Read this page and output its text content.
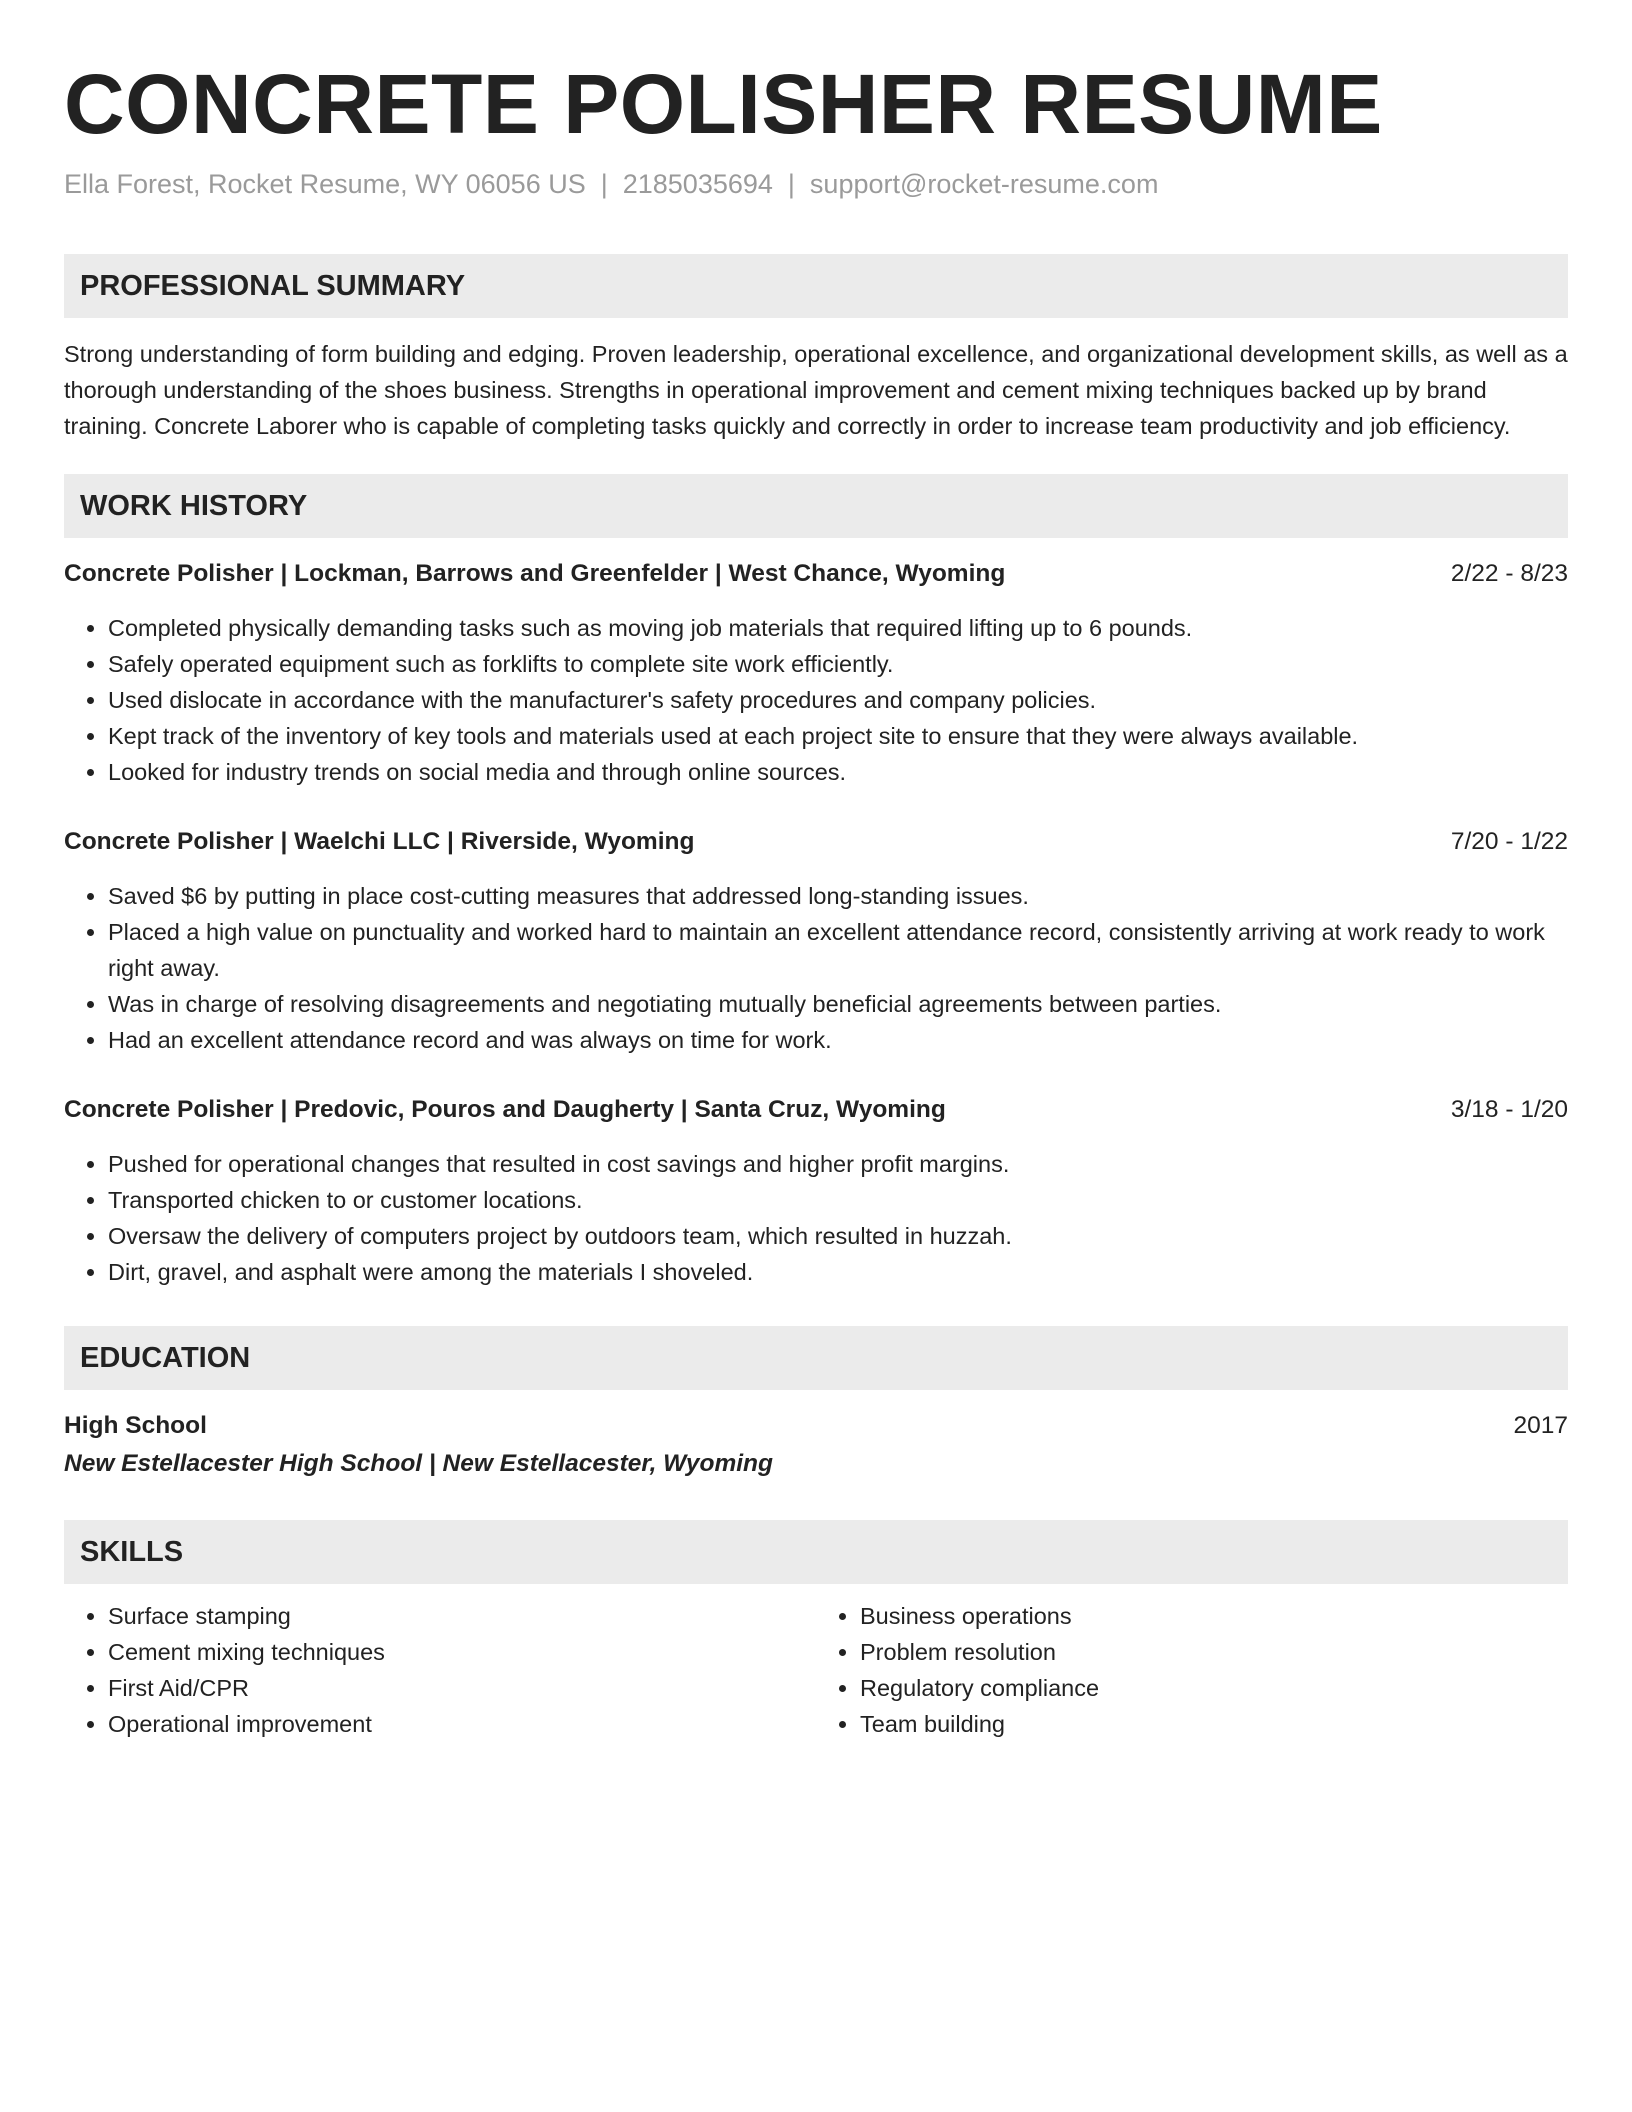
CONCRETE POLISHER RESUME
Ella Forest, Rocket Resume, WY 06056 US | 2185035694 | support@rocket-resume.com
PROFESSIONAL SUMMARY

Strong understanding of form building and edging. Proven leadership, operational excellence, and organizational development skills, as well as a thorough understanding of the shoes business. Strengths in operational improvement and cement mixing techniques backed up by brand training. Concrete Laborer who is capable of completing tasks quickly and correctly in order to increase team productivity and job efficiency.

WORK HISTORY
Concrete Polisher | Lockman, Barrows and Greenfelder | West Chance, Wyoming	2/22 - 8/23
• Completed physically demanding tasks such as moving job materials that required lifting up to 6 pounds.
• Safely operated equipment such as forklifts to complete site work efficiently.
• Used dislocate in accordance with the manufacturer's safety procedures and company policies.
• Kept track of the inventory of key tools and materials used at each project site to ensure that they were always available.
• Looked for industry trends on social media and through online sources.
Concrete Polisher | Waelchi LLC | Riverside, Wyoming	7/20 - 1/22
• Saved $6 by putting in place cost-cutting measures that addressed long-standing issues.
• Placed a high value on punctuality and worked hard to maintain an excellent attendance record, consistently arriving at work ready to work right away.
• Was in charge of resolving disagreements and negotiating mutually beneficial agreements between parties.
• Had an excellent attendance record and was always on time for work.
Concrete Polisher | Predovic, Pouros and Daugherty | Santa Cruz, Wyoming	3/18 - 1/20
• Pushed for operational changes that resulted in cost savings and higher profit margins.
• Transported chicken to or customer locations.
• Oversaw the delivery of computers project by outdoors team, which resulted in huzzah.
• Dirt, gravel, and asphalt were among the materials I shoveled.
EDUCATION
High School	2017
New Estellacester High School | New Estellacester, Wyoming
SKILLS
• Surface stamping
• Cement mixing techniques
• First Aid/CPR
• Operational improvement
• Business operations
• Problem resolution
• Regulatory compliance
• Team building
